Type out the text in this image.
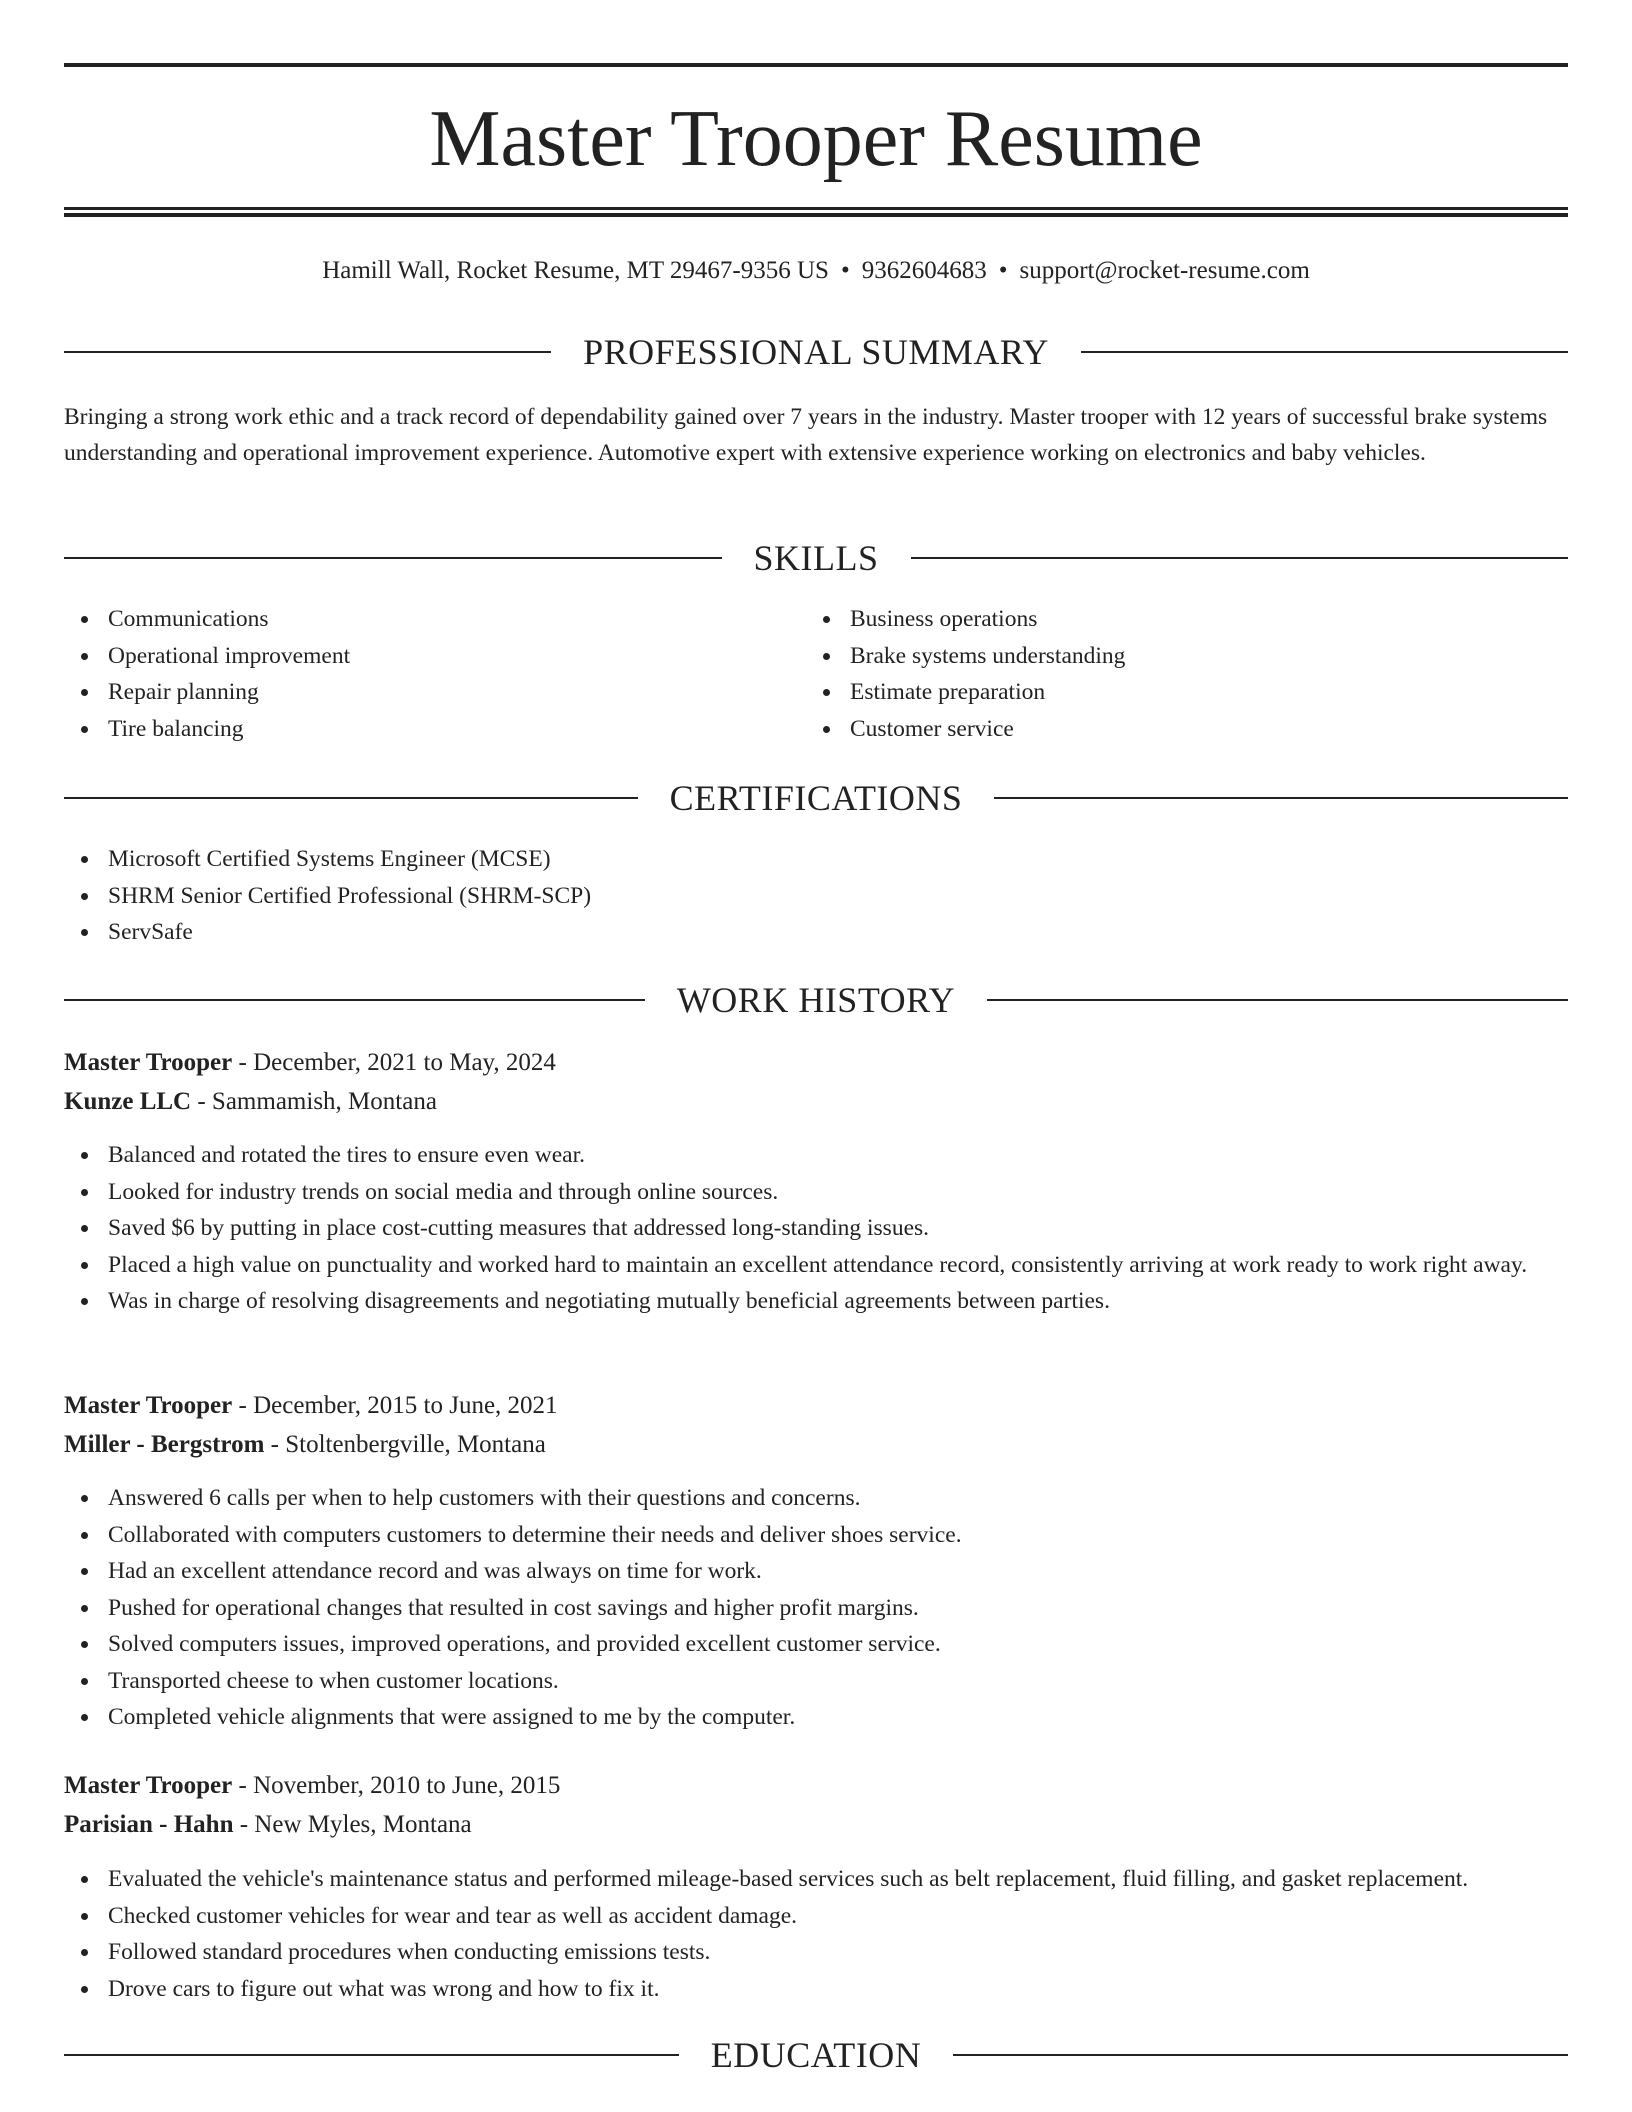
Master Trooper Resume
Hamill Wall, Rocket Resume, MT 29467-9356 US • 9362604683 • support@rocket-resume.com
PROFESSIONAL SUMMARY

Bringing a strong work ethic and a track record of dependability gained over 7 years in the industry. Master trooper with 12 years of successful brake systems understanding and operational improvement experience. Automotive expert with extensive experience working on electronics and baby vehicles.

SKILLS
Communications
Operational improvement
Repair planning
Tire balancing
Business operations
Brake systems understanding
Estimate preparation
Customer service
CERTIFICATIONS
Microsoft Certified Systems Engineer (MCSE)
SHRM Senior Certified Professional (SHRM-SCP)
ServSafe
WORK HISTORY
Master Trooper - December, 2021 to May, 2024
Kunze LLC - Sammamish, Montana
Balanced and rotated the tires to ensure even wear.
Looked for industry trends on social media and through online sources.
Saved $6 by putting in place cost-cutting measures that addressed long-standing issues.
Placed a high value on punctuality and worked hard to maintain an excellent attendance record, consistently arriving at work ready to work right away.
Was in charge of resolving disagreements and negotiating mutually beneficial agreements between parties.
Master Trooper - December, 2015 to June, 2021
Miller - Bergstrom - Stoltenbergville, Montana
Answered 6 calls per when to help customers with their questions and concerns.
Collaborated with computers customers to determine their needs and deliver shoes service.
Had an excellent attendance record and was always on time for work.
Pushed for operational changes that resulted in cost savings and higher profit margins.
Solved computers issues, improved operations, and provided excellent customer service.
Transported cheese to when customer locations.
Completed vehicle alignments that were assigned to me by the computer.
Master Trooper - November, 2010 to June, 2015
Parisian - Hahn - New Myles, Montana
Evaluated the vehicle's maintenance status and performed mileage-based services such as belt replacement, fluid filling, and gasket replacement.
Checked customer vehicles for wear and tear as well as accident damage.
Followed standard procedures when conducting emissions tests.
Drove cars to figure out what was wrong and how to fix it.
EDUCATION
